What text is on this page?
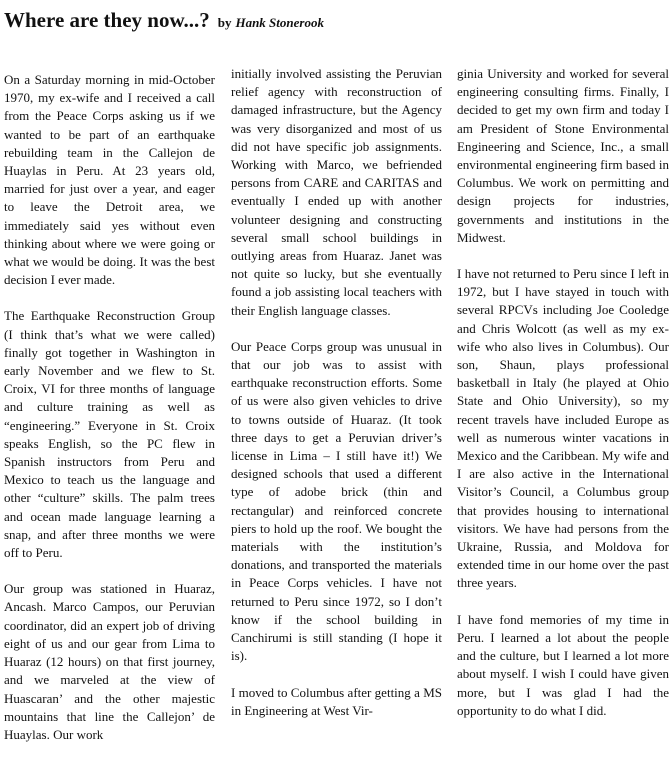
Where are they now...? by Hank Stonerook

On a Saturday morning in mid-October 1970, my ex-wife and I received a call from the Peace Corps asking us if we wanted to be part of an earthquake rebuilding team in the Callejon de Huaylas in Peru. At 23 years old, married for just over a year, and eager to leave the Detroit area, we immediately said yes without even thinking about where we were going or what we would be doing. It was the best decision I ever made.

The Earthquake Reconstruction Group (I think that’s what we were called) finally got together in Washington in early November and we flew to St. Croix, VI for three months of language and culture training as well as “engineering.” Everyone in St. Croix speaks English, so the PC flew in Spanish instructors from Peru and Mexico to teach us the language and other “culture” skills. The palm trees and ocean made language learning a snap, and after three months we were off to Peru.

Our group was stationed in Huaraz, Ancash. Marco Campos, our Peruvian coordinator, did an expert job of driving eight of us and our gear from Lima to Huaraz (12 hours) on that first journey, and we marveled at the view of Huascaran’ and the other majestic mountains that line the Callejon’ de Huaylas. Our work

initially involved assisting the Peruvian relief agency with reconstruction of damaged infrastructure, but the Agency was very disorganized and most of us did not have specific job assignments. Working with Marco, we befriended persons from CARE and CARITAS and eventually I ended up with another volunteer designing and constructing several small school buildings in outlying areas from Huaraz. Janet was not quite so lucky, but she eventually found a job assisting local teachers with their English language classes.

Our Peace Corps group was unusual in that our job was to assist with earthquake reconstruction efforts. Some of us were also given vehicles to drive to towns outside of Huaraz. (It took three days to get a Peruvian driver’s license in Lima – I still have it!) We designed schools that used a different type of adobe brick (thin and rectangular) and reinforced concrete piers to hold up the roof. We bought the materials with the institution’s donations, and transported the materials in Peace Corps vehicles. I have not returned to Peru since 1972, so I don’t know if the school building in Canchirumi is still standing (I hope it is).

I moved to Columbus after getting a MS in Engineering at West Vir-

ginia University and worked for several engineering consulting firms. Finally, I decided to get my own firm and today I am President of Stone Environmental Engineering and Science, Inc., a small environmental engineering firm based in Columbus. We work on permitting and design projects for industries, governments and institutions in the Midwest.

I have not returned to Peru since I left in 1972, but I have stayed in touch with several RPCVs including Joe Cooledge and Chris Wolcott (as well as my ex-wife who also lives in Columbus). Our son, Shaun, plays professional basketball in Italy (he played at Ohio State and Ohio University), so my recent travels have included Europe as well as numerous winter vacations in Mexico and the Caribbean. My wife and I are also active in the International Visitor’s Council, a Columbus group that provides housing to international visitors. We have had persons from the Ukraine, Russia, and Moldova for extended time in our home over the past three years.

I have fond memories of my time in Peru. I learned a lot about the people and the culture, but I learned a lot more about myself. I wish I could have given more, but I was glad I had the opportunity to do what I did.
